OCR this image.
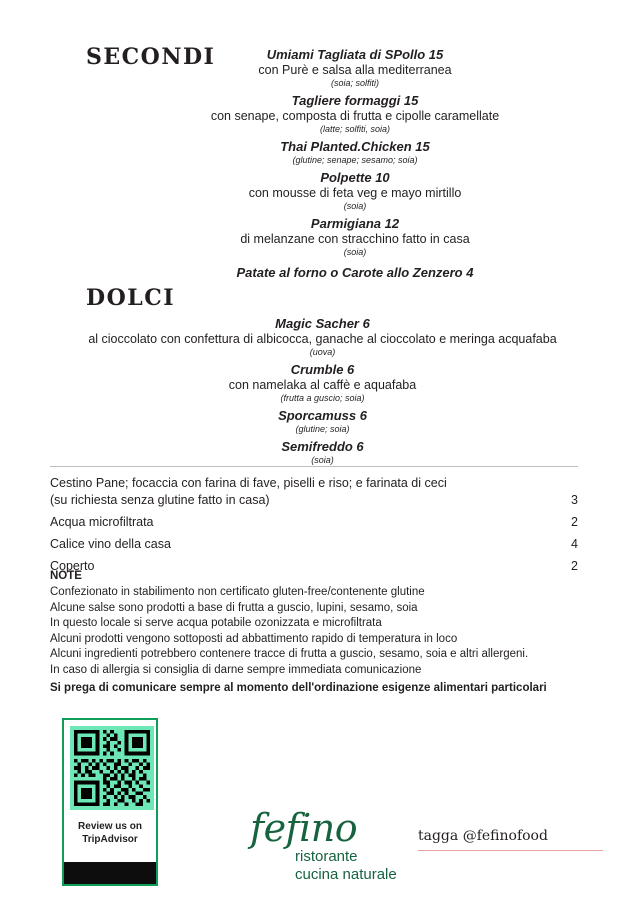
SECONDI	Umiami Tagliata di SPollo 15
con Purè e salsa alla mediterranea
(soia; solfiti)
Tagliere formaggi 15
con senape, composta di frutta e cipolle caramellate
(latte; solfiti, soia)
Thai Planted.Chicken 15
(glutine; senape; sesamo; soia)
Polpette 10
con mousse di feta veg e mayo mirtillo
(soia)
Parmigiana 12
di melanzane con stracchino fatto in casa
(soia)
Patate al forno o Carote allo Zenzero 4
DOLCI
Magic Sacher 6
al cioccolato con confettura di albicocca, ganache al cioccolato e meringa acquafaba
(uova)
Crumble 6
con namelaka al caffè e aquafaba
(frutta a guscio; soia)
Sporcamuss 6
(glutine; soia)
Semifreddo 6
(soia)
Cestino Pane; focaccia con farina di fave, piselli e riso; e farinata di ceci
(su richiesta senza glutine fatto in casa)	3
Acqua microfiltrata	2
Calice vino della casa	4
Coperto	2
NOTE
Confezionato in stabilimento non certificato gluten-free/contenente glutine
Alcune salse sono prodotti a base di frutta a guscio, lupini, sesamo, soia
In questo locale si serve acqua potabile ozonizzata e microfiltrata
Alcuni prodotti vengono sottoposti ad abbattimento rapido di temperatura in loco
Alcuni ingredienti potrebbero contenere tracce di frutta a guscio, sesamo, soia e altri allergeni.
In caso di allergia si consiglia di darne sempre immediata comunicazione
Si prega di comunicare sempre al momento dell'ordinazione esigenze alimentari particolari
Review us on
TripAdvisor	fefino
ristorante
cucina naturale
tagga @fefinofood
